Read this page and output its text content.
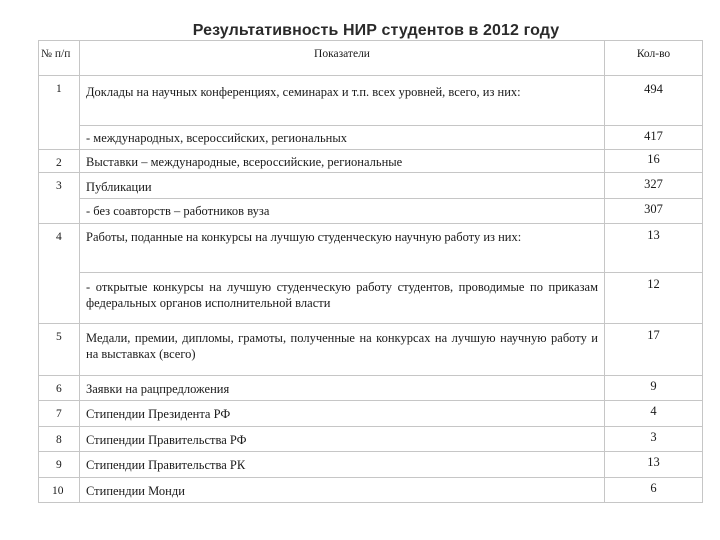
Результативность НИР студентов в 2012 году
№ п/п	Показатели	Кол-во
1	Доклады на научных конференциях, семинарах и т.п. всех уровней, всего, из них:	494
	- международных, всероссийских, региональных	417
2	Выставки – международные, всероссийские, региональные	16
3	Публикации	327
	- без соавторств – работников вуза	307
4	Работы, поданные на конкурсы на лучшую студенческую научную работу из них:	13
	- открытые конкурсы на лучшую студенческую работу студентов, проводимые по приказам федеральных органов исполнительной власти	12
5	Медали, премии, дипломы, грамоты, полученные на конкурсах на лучшую научную работу и на выставках (всего)	17
6	Заявки на рацпредложения	9
7	Стипендии Президента РФ	4
8	Стипендии Правительства РФ	3
9	Стипендии Правительства РК	13
10	Стипендии Монди	6
